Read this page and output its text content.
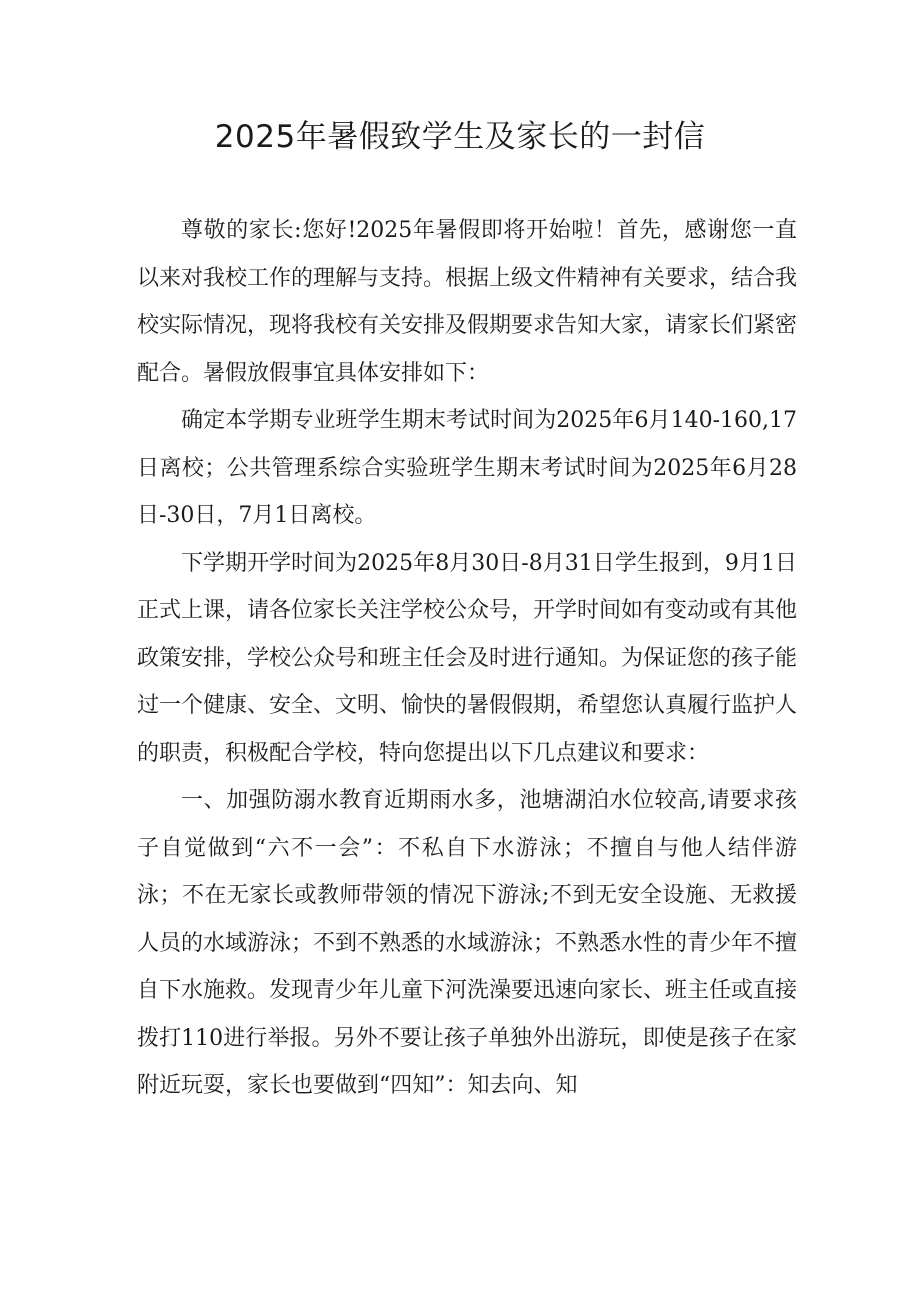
2025年暑假致学生及家长的一封信

尊敬的家长:您好!2025年暑假即将开始啦！首先，感谢您一直以来对我校工作的理解与支持。根据上级文件精神有关要求，结合我校实际情况，现将我校有关安排及假期要求告知大家，请家长们紧密配合。暑假放假事宜具体安排如下：

确定本学期专业班学生期末考试时间为2025年6月140-160,17日离校；公共管理系综合实验班学生期末考试时间为2025年6月28日-30日，7月1日离校。

下学期开学时间为2025年8月30日-8月31日学生报到，9月1日正式上课，请各位家长关注学校公众号，开学时间如有变动或有其他政策安排，学校公众号和班主任会及时进行通知。为保证您的孩子能过一个健康、安全、文明、愉快的暑假假期，希望您认真履行监护人的职责，积极配合学校，特向您提出以下几点建议和要求：

一、加强防溺水教育近期雨水多，池塘湖泊水位较高,请要求孩子自觉做到“六不一会”：不私自下水游泳；不擅自与他人结伴游泳；不在无家长或教师带领的情况下游泳;不到无安全设施、无救援人员的水域游泳；不到不熟悉的水域游泳；不熟悉水性的青少年不擅自下水施救。发现青少年儿童下河洗澡要迅速向家长、班主任或直接拨打110进行举报。另外不要让孩子单独外出游玩，即使是孩子在家附近玩耍，家长也要做到“四知”：知去向、知
